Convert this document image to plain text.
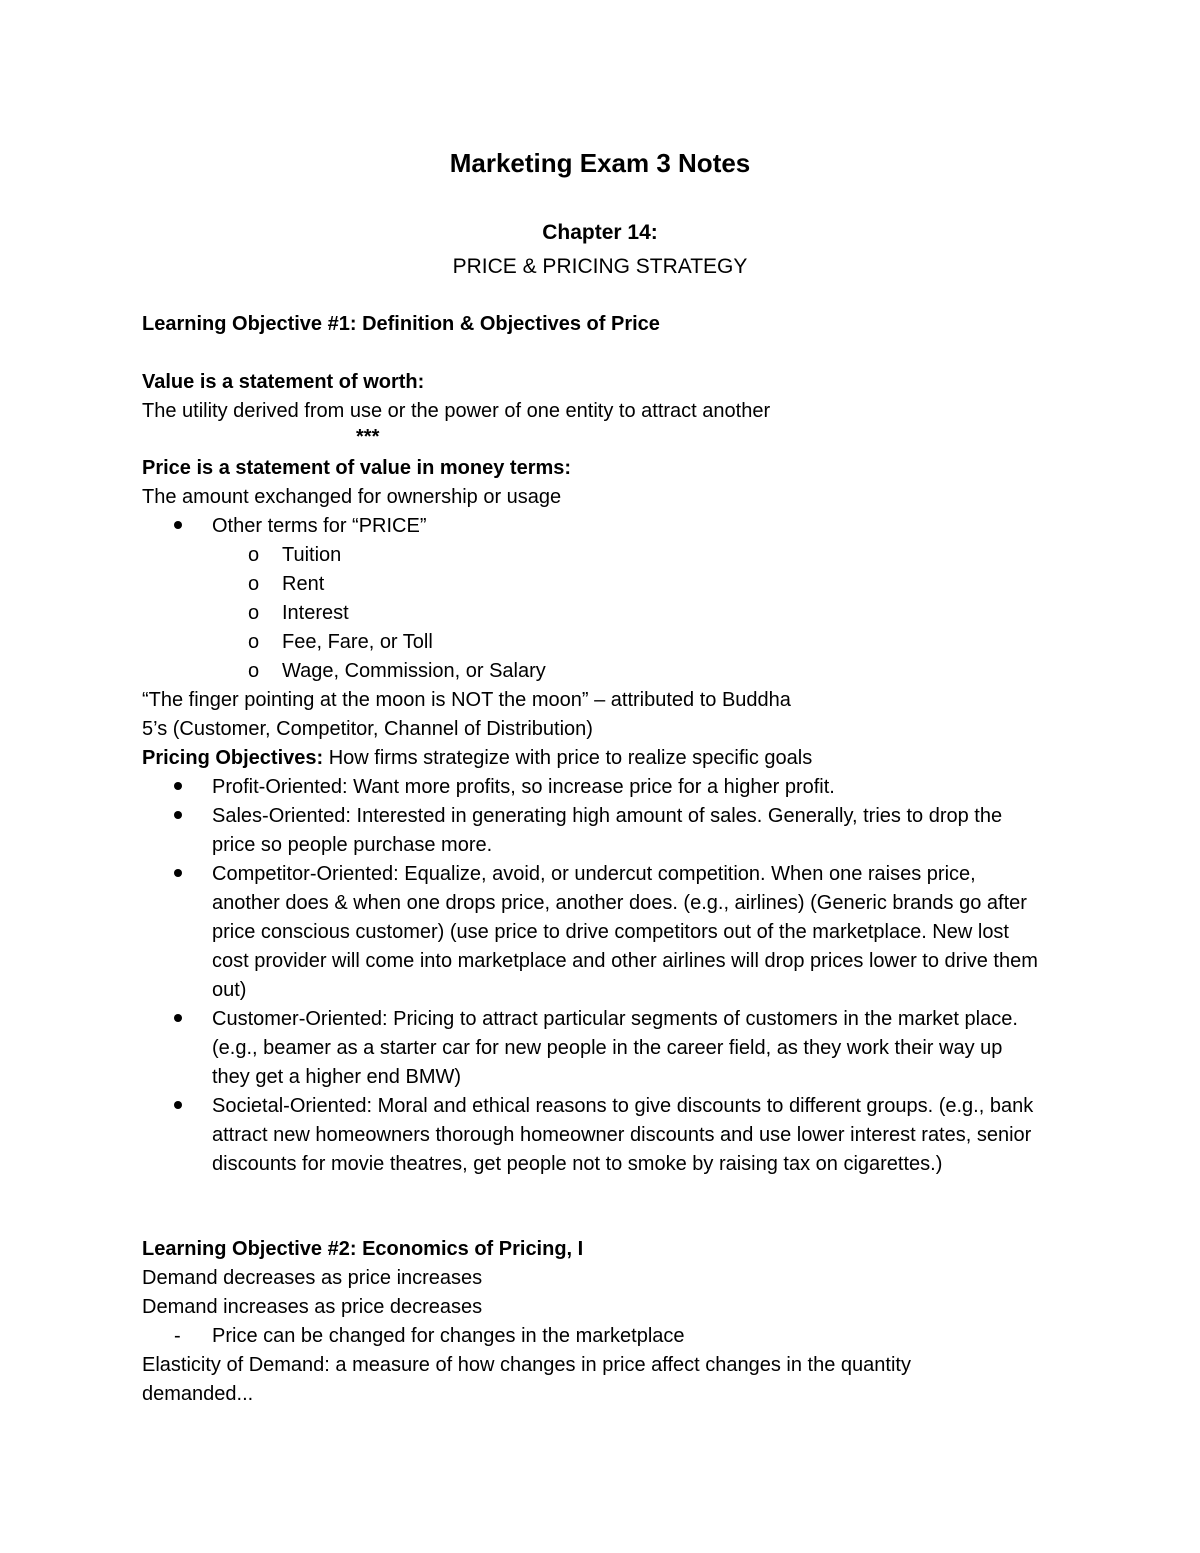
Marketing Exam 3 Notes
Chapter 14:
PRICE & PRICING STRATEGY

Learning Objective #1: Definition & Objectives of Price

Value is a statement of worth:

The utility derived from use or the power of one entity to attract another

***

Price is a statement of value in money terms:

The amount exchanged for ownership or usage

Other terms for “PRICE”
o Tuition
o Rent
o Interest
o Fee, Fare, or Toll
o Wage, Commission, or Salary

“The finger pointing at the moon is NOT the moon” – attributed to Buddha

5’s (Customer, Competitor, Channel of Distribution)

Pricing Objectives: How firms strategize with price to realize specific goals

Profit-Oriented: Want more profits, so increase price for a higher profit.
Sales-Oriented: Interested in generating high amount of sales. Generally, tries to drop the price so people purchase more.
Competitor-Oriented: Equalize, avoid, or undercut competition. When one raises price, another does & when one drops price, another does. (e.g., airlines) (Generic brands go after price conscious customer) (use price to drive competitors out of the marketplace. New lost cost provider will come into marketplace and other airlines will drop prices lower to drive them out)
Customer-Oriented: Pricing to attract particular segments of customers in the market place. (e.g., beamer as a starter car for new people in the career field, as they work their way up they get a higher end BMW)
Societal-Oriented: Moral and ethical reasons to give discounts to different groups. (e.g., bank attract new homeowners thorough homeowner discounts and use lower interest rates, senior discounts for movie theatres, get people not to smoke by raising tax on cigarettes.)

Learning Objective #2: Economics of Pricing, I

Demand decreases as price increases

Demand increases as price decreases

- Price can be changed for changes in the marketplace

Elasticity of Demand: a measure of how changes in price affect changes in the quantity demanded...
